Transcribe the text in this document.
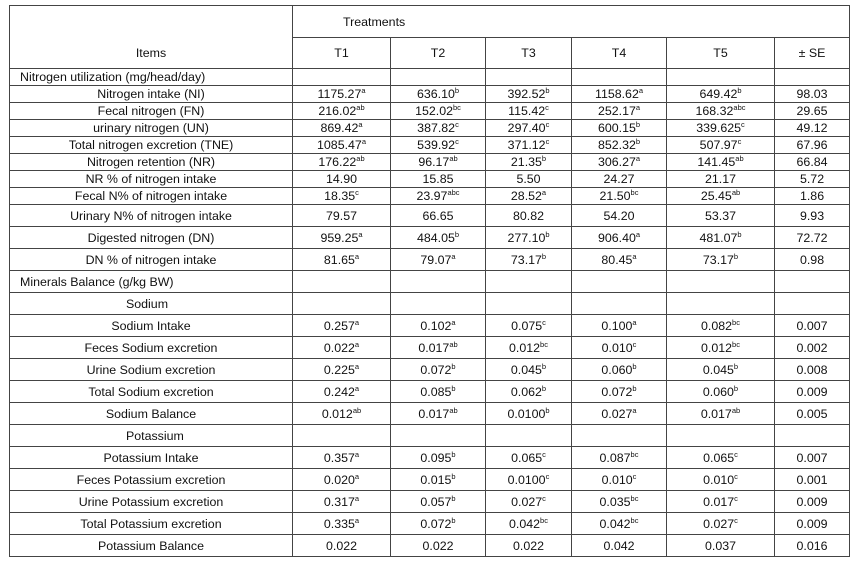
	Treatments					
Items	T1	T2	T3	T4	T5	± SE
Nitrogen utilization (mg/head/day)						
Nitrogen intake (NI)	1175.27$^a$	636.10$^b$	392.52$^b$	1158.62$^a$	649.42$^b$	98.03
Fecal nitrogen (FN)	216.02$^{ab}$	152.02$^{bc}$	115.42$^c$	252.17$^a$	168.32$^{abc}$	29.65
urinary nitrogen (UN)	869.42$^a$	387.82$^c$	297.40$^c$	600.15$^b$	339.625$^c$	49.12
Total nitrogen excretion (TNE)	1085.47$^a$	539.92$^c$	371.12$^c$	852.32$^b$	507.97$^c$	67.96
Nitrogen retention (NR)	176.22$^{ab}$	96.17$^{ab}$	21.35$^b$	306.27$^a$	141.45$^{ab}$	66.84
NR % of nitrogen intake	14.90	15.85	5.50	24.27	21.17	5.72
Fecal N% of nitrogen intake	18.35$^c$	23.97$^{abc}$	28.52$^a$	21.50$^{bc}$	25.45$^{ab}$	1.86
Urinary N% of nitrogen intake	79.57	66.65	80.82	54.20	53.37	9.93
Digested nitrogen (DN)	959.25$^a$	484.05$^b$	277.10$^b$	906.40$^a$	481.07$^b$	72.72
DN % of nitrogen intake	81.65$^a$	79.07$^a$	73.17$^b$	80.45$^a$	73.17$^b$	0.98
Minerals Balance (g/kg BW)						
Sodium						
Sodium Intake	0.257$^a$	0.102$^a$	0.075$^c$	0.100$^a$	0.082$^{bc}$	0.007
Feces Sodium excretion	0.022$^a$	0.017$^{ab}$	0.012$^{bc}$	0.010$^c$	0.012$^{bc}$	0.002
Urine Sodium excretion	0.225$^a$	0.072$^b$	0.045$^b$	0.060$^b$	0.045$^b$	0.008
Total Sodium excretion	0.242$^a$	0.085$^b$	0.062$^b$	0.072$^b$	0.060$^b$	0.009
Sodium Balance	0.012$^{ab}$	0.017$^{ab}$	0.0100$^b$	0.027$^a$	0.017$^{ab}$	0.005
Potassium						
Potassium Intake	0.357$^a$	0.095$^b$	0.065$^c$	0.087$^{bc}$	0.065$^c$	0.007
Feces Potassium excretion	0.020$^a$	0.015$^b$	0.0100$^c$	0.010$^c$	0.010$^c$	0.001
Urine Potassium excretion	0.317$^a$	0.057$^b$	0.027$^c$	0.035$^{bc}$	0.017$^c$	0.009
Total Potassium excretion	0.335$^a$	0.072$^b$	0.042$^{bc}$	0.042$^{bc}$	0.027$^c$	0.009
Potassium Balance	0.022	0.022	0.022	0.042	0.037	0.016
